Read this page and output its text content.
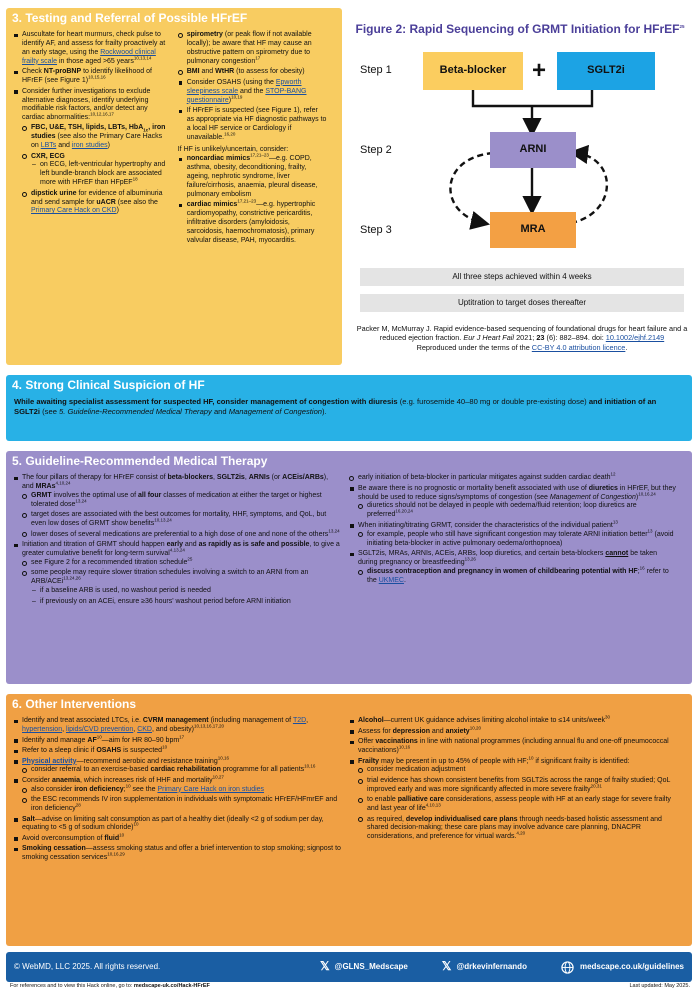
3. Testing and Referral of Possible HFrEF
Auscultate for heart murmurs, check pulse to identify AF, and assess for frailty proactively at an early stage, using the Rockwood clinical frailty scale in those aged >65 years$^{10,13,14}$
Check NT-proBNP to identify likelihood of HFrEF (see Figure 1)$^{10,15,16}$
Consider further investigations to exclude alternative diagnoses, identify underlying modifiable risk factors, and/or detect any cardiac abnormalities:$^{10,12,16,17}$
FBC, U&E, TSH, lipids, LBTs, HbA$_{1c}$, iron studies (see also the Primary Care Hacks on LBTs and iron studies)
CXR, ECG
– on ECG, left-ventricular hypertrophy and left bundle-branch block are associated more with HFrEF than HFpEF$^{18}$
dipstick urine for evidence of albuminuria and send sample for uACR (see also the Primary Care Hack on CKD)
spirometry (or peak flow if not available locally); be aware that HF may cause an obstructive pattern on spirometry due to pulmonary congestion$^{17}$
BMI and WtHR (to assess for obesity)
Consider OSAHS (using the Epworth sleepiness scale and the STOP-BANG questionnaire)$^{10,19}$
If HFrEF is suspected (see Figure 1), refer as appropriate via HF diagnostic pathways to a local HF service or Cardiology if unavailable.$^{16,20}$
If HF is unlikely/uncertain, consider:
noncardiac mimics$^{17,21-23}$—e.g. COPD, asthma, obesity, deconditioning, frailty, ageing, nephrotic syndrome, liver failure/cirrhosis, anaemia, pleural disease, pulmonary embolism
cardiac mimics$^{17,21-23}$—e.g. hypertrophic cardiomyopathy, constrictive pericarditis, infiltrative disorders (amyloidosis, sarcoidosis, haemochromatosis), primary valvular disease, PAH, myocarditis.
Figure 2: Rapid Sequencing of GRMT Initiation for HFrEF$^{25}$
Step 1
Step 2
Step 3
Beta-blocker	+	SGLT2i
ARNI
MRA
All three steps achieved within 4 weeks
Uptitration to target doses thereafter
Packer M, McMurray J. Rapid evidence-based sequencing of foundational drugs for heart failure and a reduced ejection fraction. Eur J Heart Fail 2021; 23 (6): 882–894. doi: 10.1002/ejhf.2149
Reproduced under the terms of the CC-BY 4.0 attribution licence.
4. Strong Clinical Suspicion of HF
While awaiting specialist assessment for suspected HF, consider management of congestion with diuresis (e.g. furosemide 40–80 mg or double pre-existing dose) and initiation of an SGLT2i (see 5. Guideline-Recommended Medical Therapy and Management of Congestion).
5. Guideline-Recommended Medical Therapy
The four pillars of therapy for HFrEF consist of beta-blockers, SGLT2is, ARNIs (or ACEis/ARBs), and MRAs$^{4,10,24}$
GRMT involves the optimal use of all four classes of medication at either the target or highest tolerated dose$^{13,24}$
target doses are associated with the best outcomes for mortality, HHF, symptoms, and QoL, but even low doses of GRMT show benefits$^{10,13,24}$
lower doses of several medications are preferential to a high dose of one and none of the others$^{13,24}$
Initiation and titration of GRMT should happen early and as rapidly as is safe and possible, to give a greater cumulative benefit for long-term survival$^{4,13,24}$
see Figure 2 for a recommended titration schedule$^{25}$
some people may require slower titration schedules involving a switch to an ARNI from an ARB/ACEi$^{13,24,26}$
– if a baseline ARB is used, no washout period is needed
– if previously on an ACEi, ensure ≥36 hours' washout period before ARNI initiation
early initiation of beta-blocker in particular mitigates against sudden cardiac death$^{12}$
Be aware there is no prognostic or mortality benefit associated with use of diuretics in HFrEF, but they should be used to reduce signs/symptoms of congestion (see Management of Congestion)$^{10,16,24}$
diuretics should not be delayed in people with oedema/fluid retention; loop diuretics are preferred$^{16,20,24}$
When initiating/titrating GRMT, consider the characteristics of the individual patient$^{13}$
for example, people who still have significant congestion may tolerate ARNI initiation better$^{13}$ (avoid initiating beta-blocker in active pulmonary oedema/orthopnoea)
SGLT2is, MRAs, ARNIs, ACEis, ARBs, loop diuretics, and certain beta-blockers cannot be taken during pregnancy or breastfeeding$^{13,26}$
discuss contraception and pregnancy in women of childbearing potential with HF;$^{16}$ refer to the UKMEC.
6. Other Interventions
Identify and treat associated LTCs, i.e. CVRM management (including management of T2D, hypertension, lipids/CVD prevention, CKD, and obesity)$^{10,13,16,17,20}$
Identify and manage AF$^{10}$—aim for HR 80–90 bpm$^{17}$
Refer to a sleep clinic if OSAHS is suspected$^{10}$
Physical activity—recommend aerobic and resistance training$^{10,16}$
consider referral to an exercise-based cardiac rehabilitation programme for all patients$^{10,16}$
Consider anaemia, which increases risk of HHF and mortality$^{10,27}$
also consider iron deficiency;$^{10}$ see the Primary Care Hack on iron studies
the ESC recommends IV iron supplementation in individuals with symptomatic HFrEF/HFmrEF and iron deficiency$^{28}$
Salt—advise on limiting salt consumption as part of a healthy diet (ideally <2 g of sodium per day, equating to <5 g of sodium chloride)$^{10}$
Avoid overconsumption of fluid$^{10}$
Smoking cessation—assess smoking status and offer a brief intervention to stop smoking; signpost to smoking cessation services$^{10,16,29}$
Alcohol—current UK guidance advises limiting alcohol intake to ≤14 units/week$^{30}$
Assess for depression and anxiety$^{10,20}$
Offer vaccinations in line with national programmes (including annual flu and one-off pneumococcal vaccinations)$^{10,16}$
Frailty may be present in up to 45% of people with HF;$^{10}$ if significant frailty is identified:
consider medication adjustment
trial evidence has shown consistent benefits from SGLT2is across the range of frailty studied; QoL improved early and was more significantly affected in more severe frailty$^{20,31}$
to enable palliative care considerations, assess people with HF at an early stage for severe frailty and last year of life$^{4,10,13}$
as required, develop individualised care plans through needs-based holistic assessment and shared decision-making; these care plans may involve advance care planning, DNACPR considerations, and preference for virtual wards.$^{4,20}$
© WebMD, LLC 2025. All rights reserved.	𝕏 @GLNS_Medscape	𝕏 @drkevinfernando	medscape.co.uk/guidelines
For references and to view this Hack online, go to: medscape-uk.co/Hack-HFrEF	Last updated: May 2025.
